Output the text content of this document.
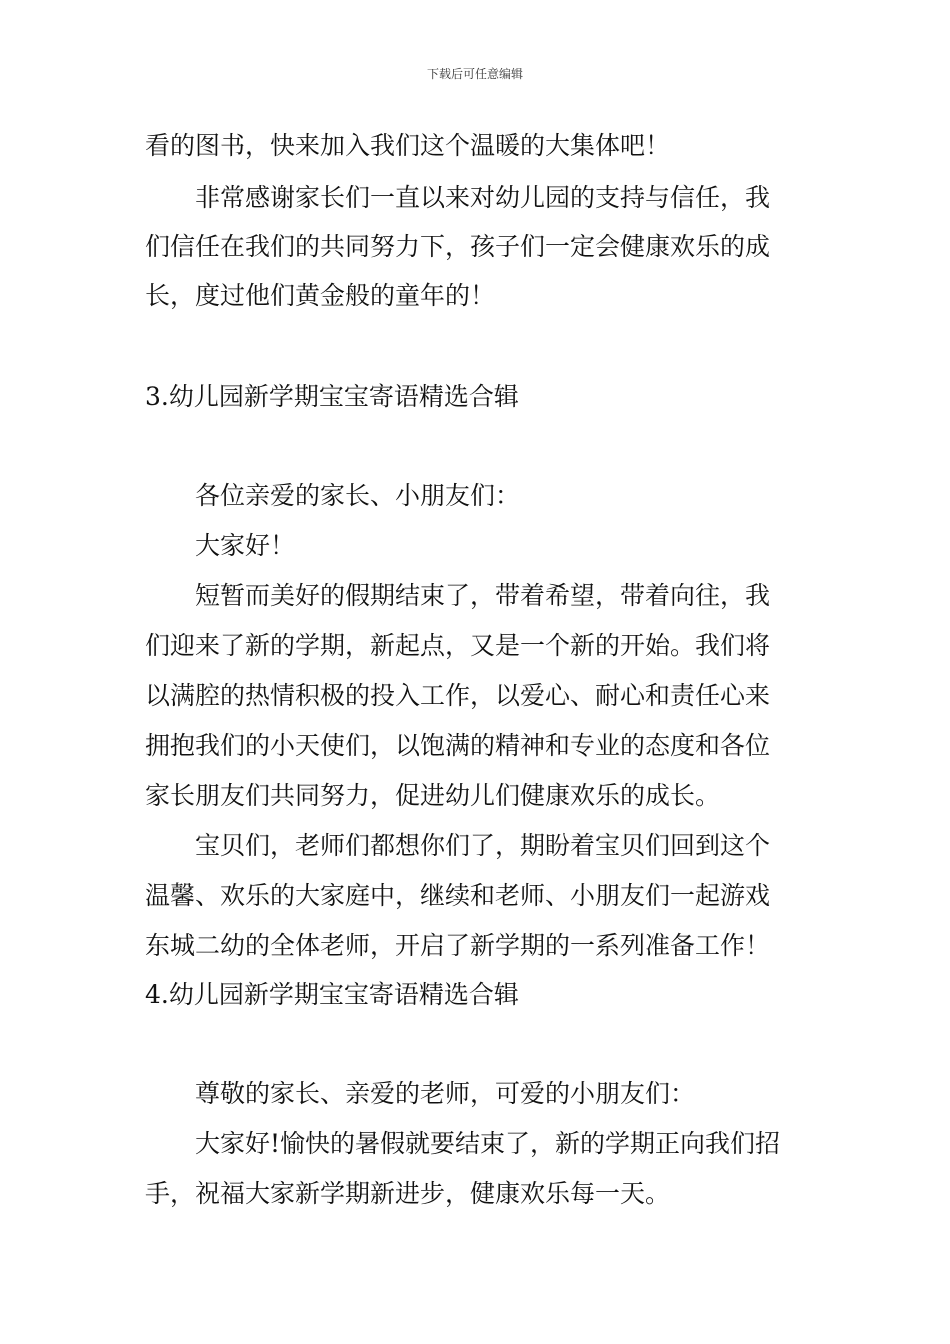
下载后可任意编辑
看的图书，快来加入我们这个温暖的大集体吧！
非常感谢家长们一直以来对幼儿园的支持与信任，我
们信任在我们的共同努力下，孩子们一定会健康欢乐的成
长，度过他们黄金般的童年的！
3.幼儿园新学期宝宝寄语精选合辑
各位亲爱的家长、小朋友们：
大家好！
短暂而美好的假期结束了，带着希望，带着向往，我
们迎来了新的学期，新起点，又是一个新的开始。我们将
以满腔的热情积极的投入工作，以爱心、耐心和责任心来
拥抱我们的小天使们，以饱满的精神和专业的态度和各位
家长朋友们共同努力，促进幼儿们健康欢乐的成长。
宝贝们，老师们都想你们了，期盼着宝贝们回到这个
温馨、欢乐的大家庭中，继续和老师、小朋友们一起游戏
东城二幼的全体老师，开启了新学期的一系列准备工作！
4.幼儿园新学期宝宝寄语精选合辑
尊敬的家长、亲爱的老师，可爱的小朋友们：
大家好!愉快的暑假就要结束了，新的学期正向我们招
手，祝福大家新学期新进步，健康欢乐每一天。
